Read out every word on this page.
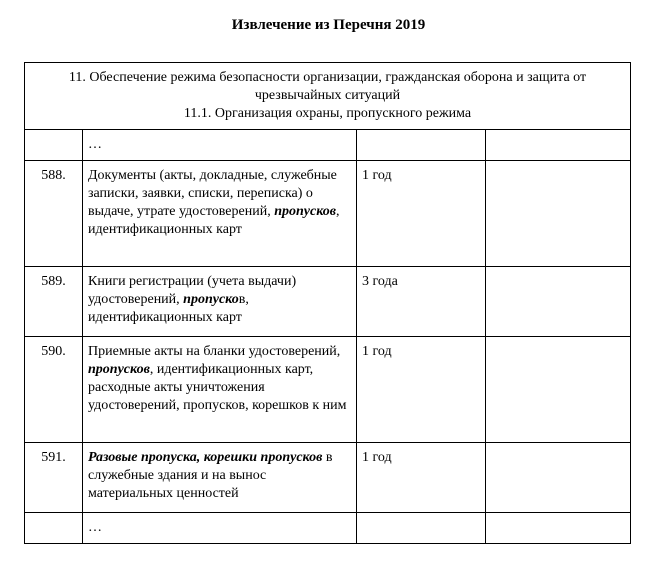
Извлечение из Перечня 2019
11. Обеспечение режима безопасности организации, гражданская оборона и защита от
чрезвычайных ситуаций
11.1. Организация охраны, пропускного режима			

	…		
588.	Документы (акты, докладные, служебные записки, заявки, списки, переписка) о выдаче, утрате удостоверений, пропусков, идентификационных карт	1 год	
589.	Книги регистрации (учета выдачи) удостоверений, пропусков, идентификационных карт	3 года	
590.	Приемные акты на бланки удостоверений, пропусков, идентификационных карт, расходные акты уничтожения удостоверений, пропусков, корешков к ним	1 год	
591.	Разовые пропуска, корешки пропусков в служебные здания и на вынос материальных ценностей	1 год	
	…		
